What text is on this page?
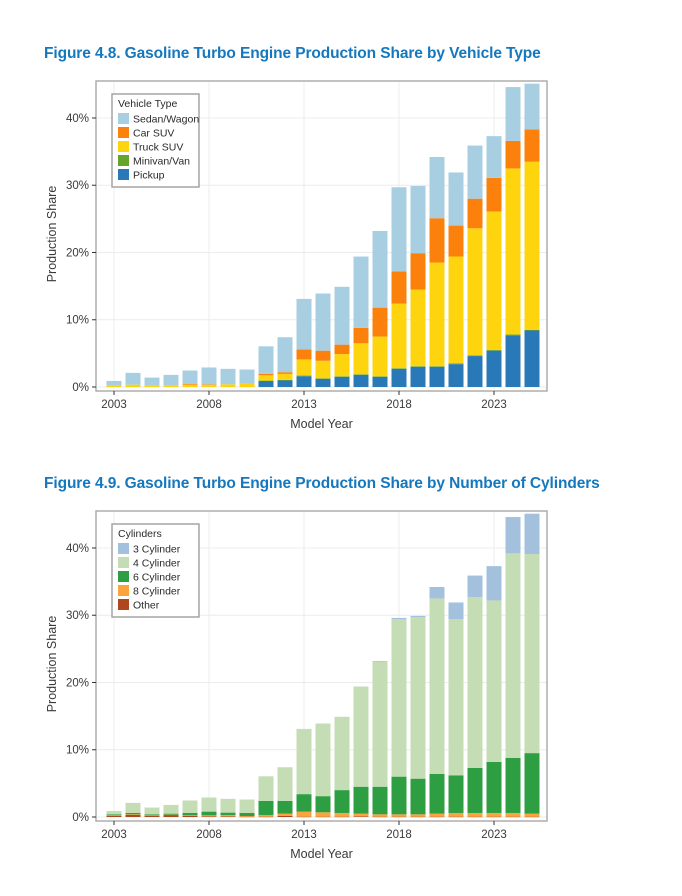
Figure 4.8. Gasoline Turbo Engine Production Share by Vehicle Type
0%
10%
20%
30%
40%
2003	2008	2013	2018	2023
Model Year
Production Share
Vehicle Type
Sedan/Wagon
Car SUV
Truck SUV
Minivan/Van
Pickup
Figure 4.9. Gasoline Turbo Engine Production Share by Number of Cylinders
0%
10%
20%
30%
40%
2003	2008	2013	2018	2023
Model Year
Production Share
Cylinders
3 Cylinder
4 Cylinder
6 Cylinder
8 Cylinder
Other
